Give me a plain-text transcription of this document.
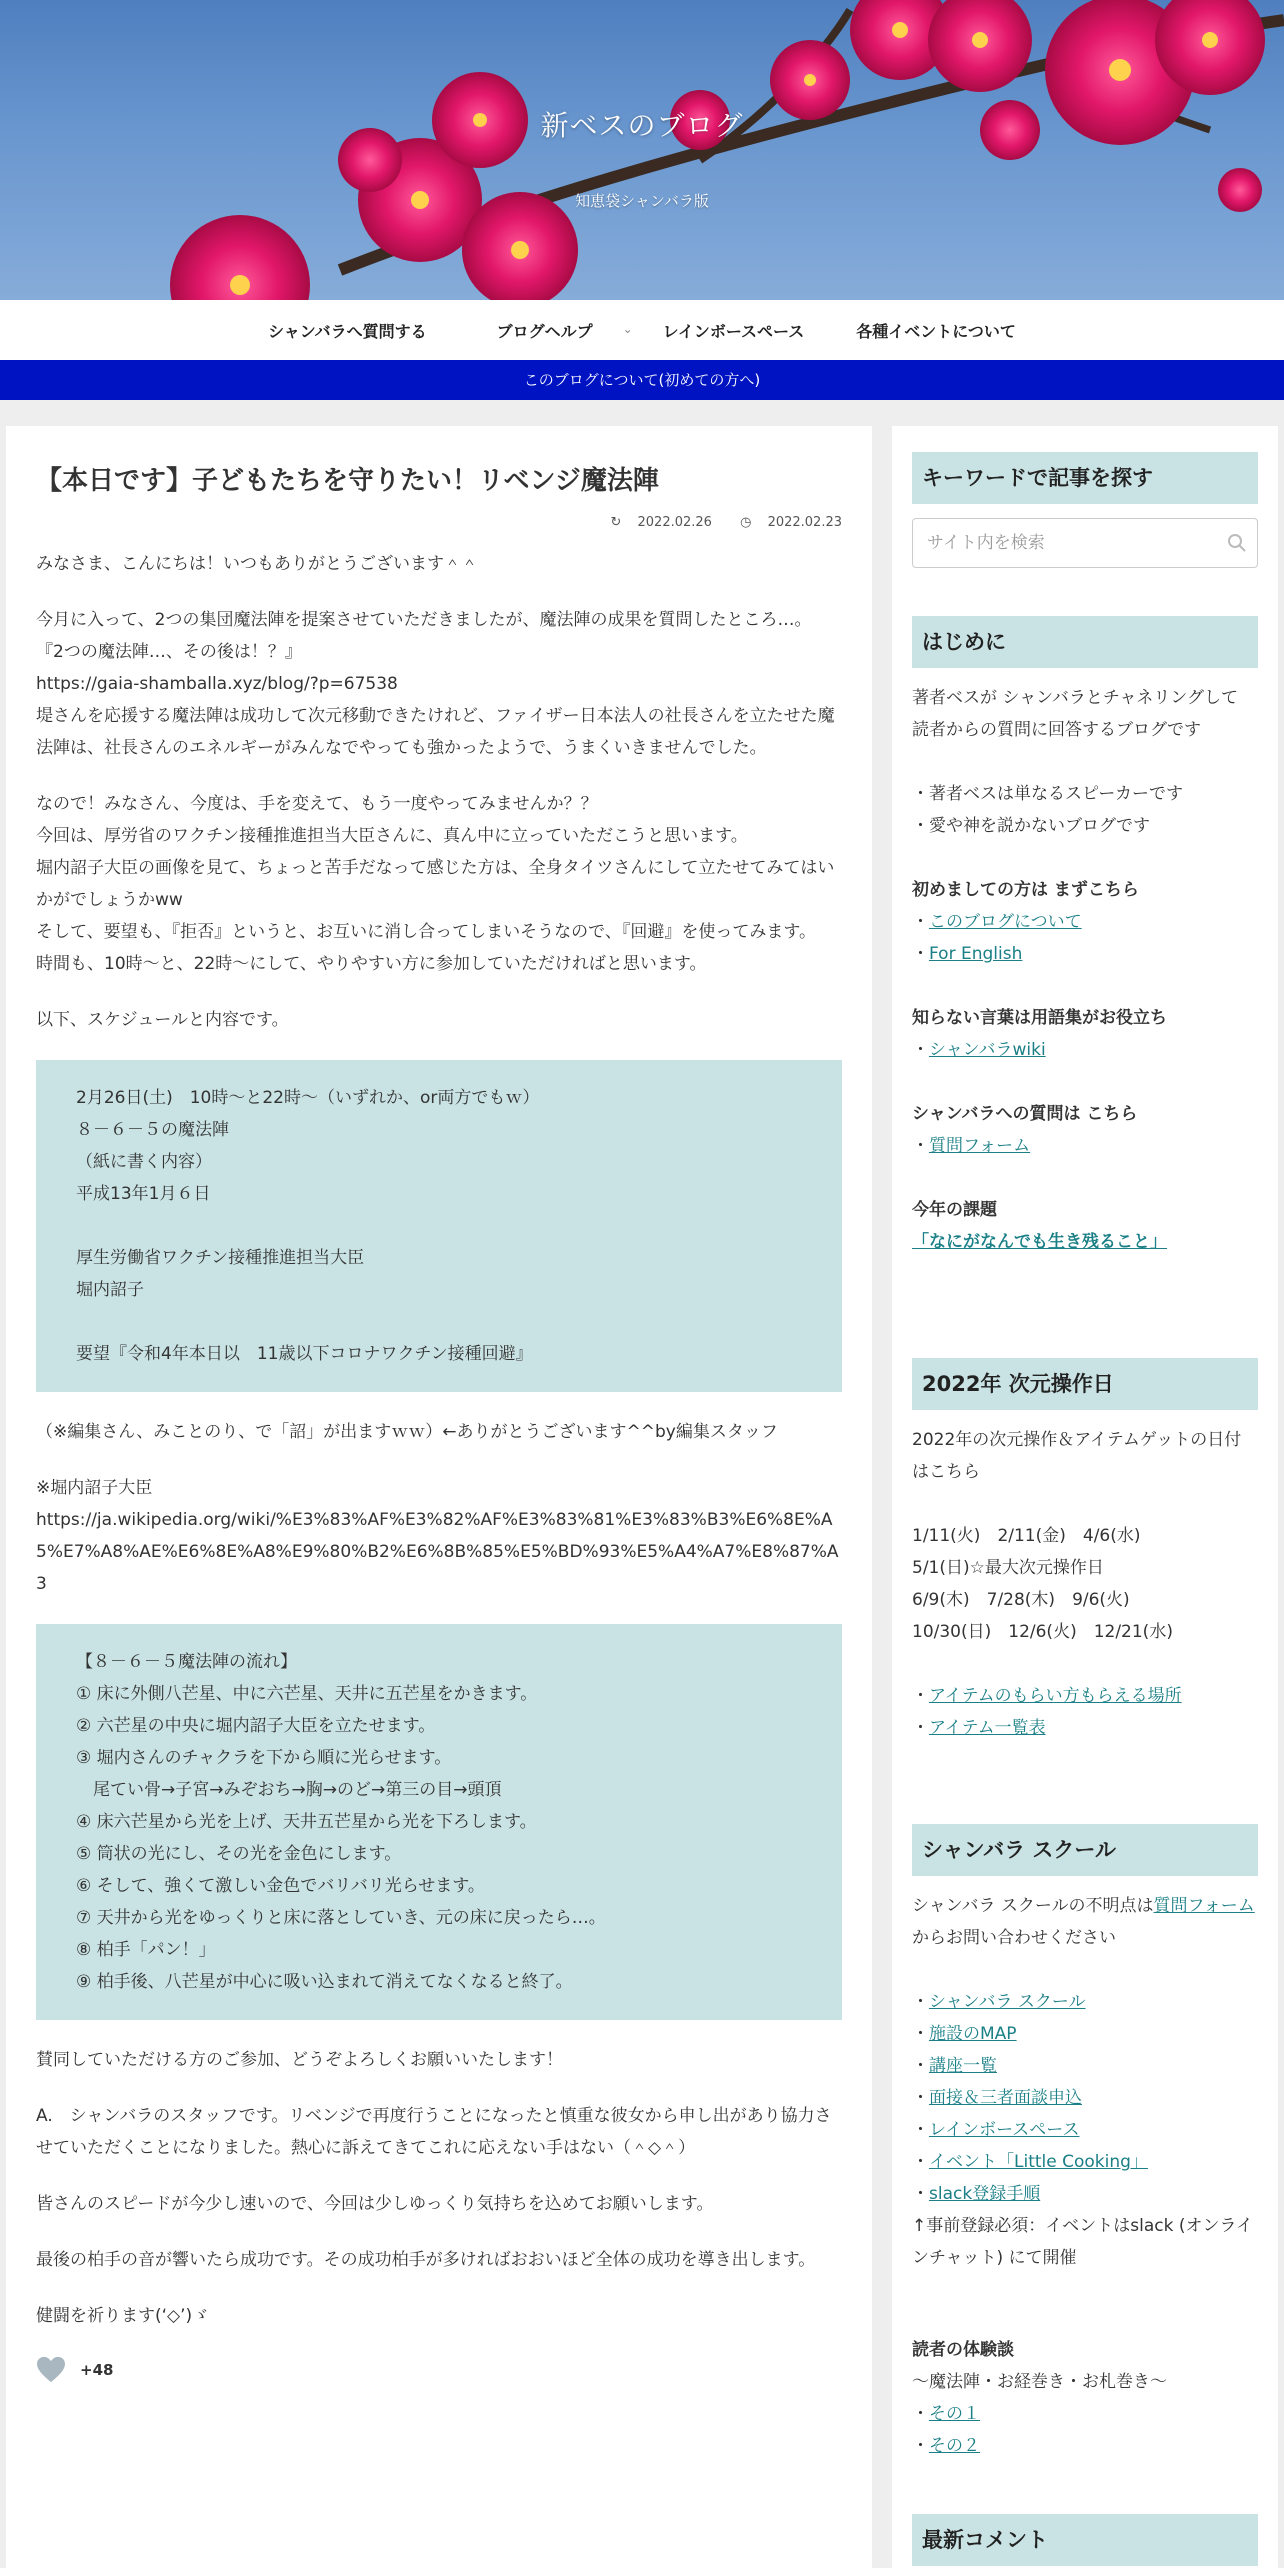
新ベスのブログ
知恵袋シャンバラ版
シャンバラへ質問する	ブログヘルプ ⌄	レインボースペース	各種イベントについて
このブログについて(初めての方へ)
【本日です】子どもたちを守りたい！リベンジ魔法陣
↻ 2022.02.26 ◷ 2022.02.23

みなさま、こんにちは！いつもありがとうございます＾＾

今月に入って、2つの集団魔法陣を提案させていただきましたが、魔法陣の成果を質問したところ…。
『2つの魔法陣…、その後は！？』
https://gaia-shamballa.xyz/blog/?p=67538
堤さんを応援する魔法陣は成功して次元移動できたけれど、ファイザー日本法人の社長さんを立たせた魔法陣は、社長さんのエネルギーがみんなでやっても強かったようで、うまくいきませんでした。

なので！みなさん、今度は、手を変えて、もう一度やってみませんか？？
今回は、厚労省のワクチン接種推進担当大臣さんに、真ん中に立っていただこうと思います。
堀内詔子大臣の画像を見て、ちょっと苦手だなって感じた方は、全身タイツさんにして立たせてみてはいかがでしょうかww
そして、要望も、『拒否』というと、お互いに消し合ってしまいそうなので、『回避』を使ってみます。
時間も、10時〜と、22時〜にして、やりやすい方に参加していただければと思います。

以下、スケジュールと内容です。

2月26日(土)　10時〜と22時〜（いずれか、or両方でもｗ）
８－６－５の魔法陣
（紙に書く内容）
平成13年1月６日

厚生労働省ワクチン接種推進担当大臣
堀内詔子

要望『令和4年本日以　11歳以下コロナワクチン接種回避』

（※編集さん、みことのり、で「詔」が出ますｗｗ）←ありがとうございます^^by編集スタッフ

※堀内詔子大臣
https://ja.wikipedia.org/wiki/%E3%83%AF%E3%82%AF%E3%83%81%E3%83%B3%E6%8E%A5%E7%A8%AE%E6%8E%A8%E9%80%B2%E6%8B%85%E5%BD%93%E5%A4%A7%E8%87%A3

【８－６－５魔法陣の流れ】
① 床に外側八芒星、中に六芒星、天井に五芒星をかきます。
② 六芒星の中央に堀内詔子大臣を立たせます。
③ 堀内さんのチャクラを下から順に光らせます。
　尾てい骨→子宮→みぞおち→胸→のど→第三の目→頭頂
④ 床六芒星から光を上げ、天井五芒星から光を下ろします。
⑤ 筒状の光にし、その光を金色にします。
⑥ そして、強くて激しい金色でバリバリ光らせます。
⑦ 天井から光をゆっくりと床に落としていき、元の床に戻ったら…。
⑧ 柏手「パン！」
⑨ 柏手後、八芒星が中心に吸い込まれて消えてなくなると終了。

賛同していただける方のご参加、どうぞよろしくお願いいたします！

A.　シャンバラのスタッフです。リベンジで再度行うことになったと慎重な彼女から申し出があり協力させていただくことになりました。熱心に訴えてきてこれに応えない手はない（＾◇＾）

皆さんのスピードが今少し速いので、今回は少しゆっくり気持ちを込めてお願いします。

最後の柏手の音が響いたら成功です。その成功柏手が多ければおおいほど全体の成功を導き出します。

健闘を祈ります(‘◇’)ゞ

+48
キーワードで記事を探す
サイト内を検索
はじめに
著者ベスが シャンバラとチャネリングして 読者からの質問に回答するブログです
・著者ベスは単なるスピーカーです
・愛や神を説かないブログです
初めましての方は まずこちら
・このブログについて
・For English
知らない言葉は用語集がお役立ち
・シャンバラwiki
シャンバラへの質問は こちら
・質問フォーム
今年の課題
「なにがなんでも生き残ること」
2022年 次元操作日
2022年の次元操作＆アイテムゲットの日付はこちら
1/11(火)　2/11(金)　4/6(水)
5/1(日)☆最大次元操作日
6/9(木)　7/28(木)　9/6(火)
10/30(日)　12/6(火)　12/21(水)
・アイテムのもらい方もらえる場所
・アイテム一覧表
シャンバラ スクール
シャンバラ スクールの不明点は質問フォームからお問い合わせください
・シャンバラ スクール
・施設のMAP
・講座一覧
・面接＆三者面談申込
・レインボースペース
・イベント「Little Cooking」
・slack登録手順
↑事前登録必須：イベントはslack (オンラインチャット) にて開催
読者の体験談
〜魔法陣・お経巻き・お札巻き〜
・その１
・その２
最新コメント
